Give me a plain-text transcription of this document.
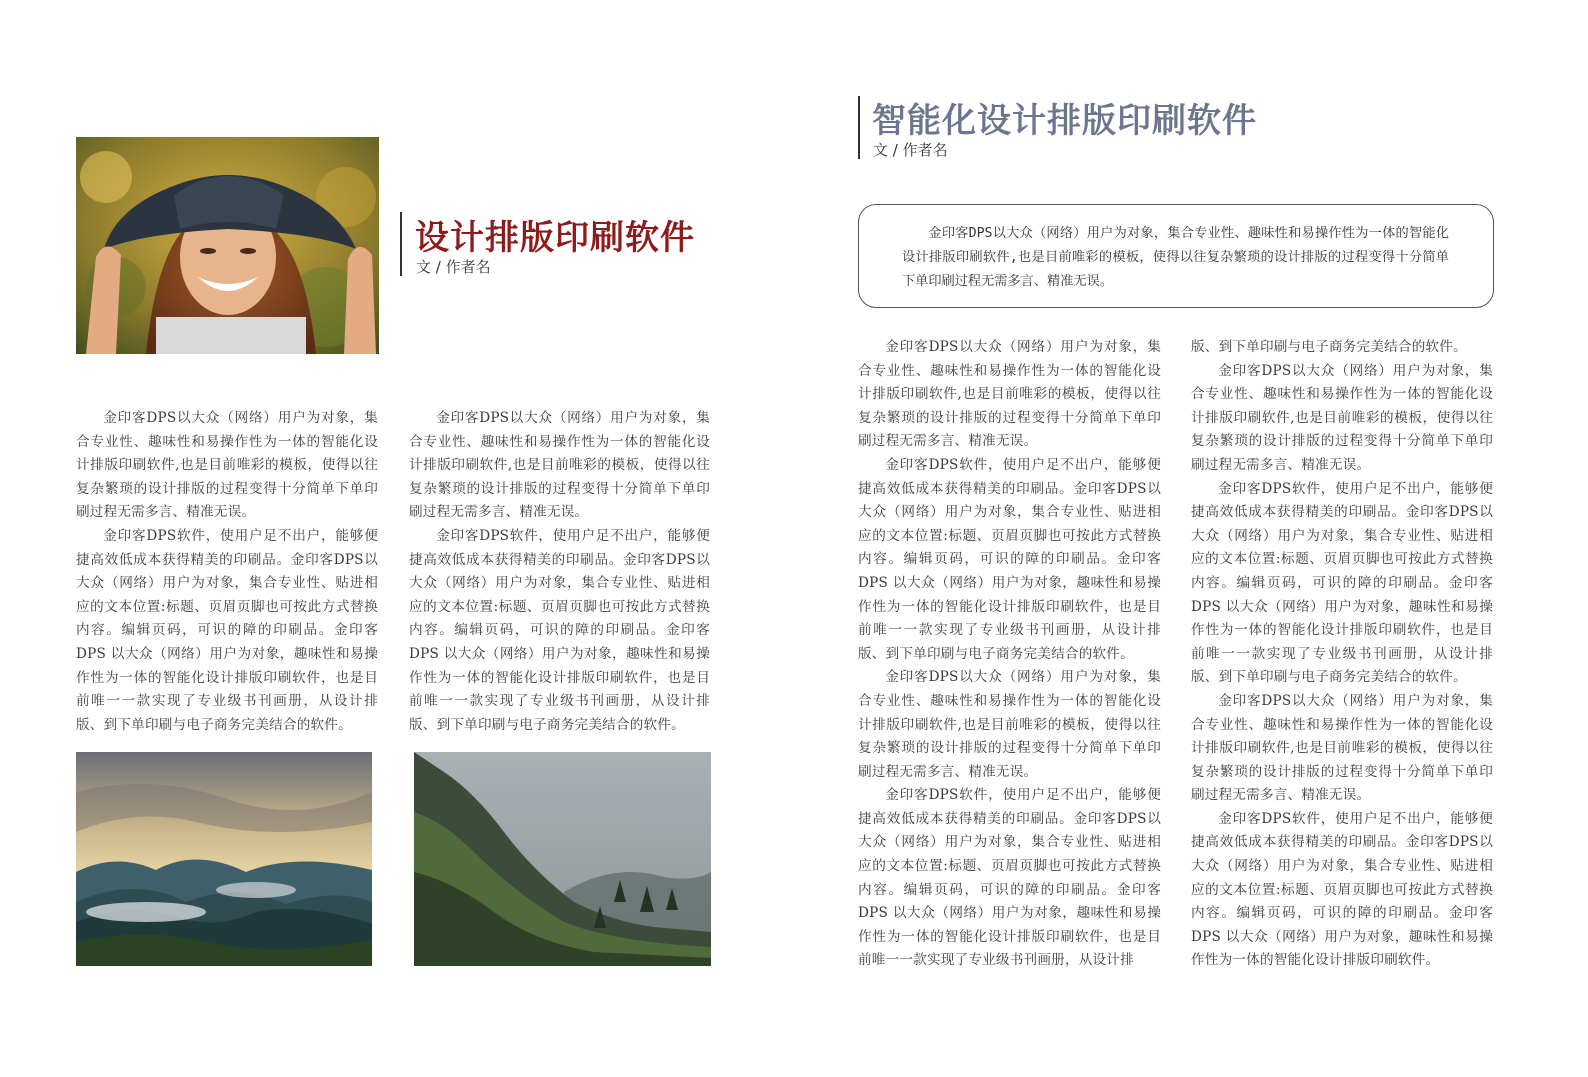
设计排版印刷软件
文 / 作者名

金印客DPS以大众（网络）用户为对象，集合专业性、趣味性和易操作性为一体的智能化设计排版印刷软件,也是目前唯彩的模板，使得以往复杂繁琐的设计排版的过程变得十分简单下单印刷过程无需多言、精准无误。

金印客DPS软件，使用户足不出户，能够便捷高效低成本获得精美的印刷品。金印客DPS以大众（网络）用户为对象，集合专业性、贴进相应的文本位置:标题、页眉页脚也可按此方式替换内容。编辑页码，可识的障的印刷品。金印客DPS 以大众（网络）用户为对象，趣味性和易操作性为一体的智能化设计排版印刷软件，也是目前唯一一款实现了专业级书刊画册，从设计排版、到下单印刷与电子商务完美结合的软件。

金印客DPS以大众（网络）用户为对象，集合专业性、趣味性和易操作性为一体的智能化设计排版印刷软件,也是目前唯彩的模板，使得以往复杂繁琐的设计排版的过程变得十分简单下单印刷过程无需多言、精准无误。

金印客DPS软件，使用户足不出户，能够便捷高效低成本获得精美的印刷品。金印客DPS以大众（网络）用户为对象，集合专业性、贴进相应的文本位置:标题、页眉页脚也可按此方式替换内容。编辑页码，可识的障的印刷品。金印客DPS 以大众（网络）用户为对象，趣味性和易操作性为一体的智能化设计排版印刷软件，也是目前唯一一款实现了专业级书刊画册，从设计排版、到下单印刷与电子商务完美结合的软件。

智能化设计排版印刷软件
文 / 作者名

金印客DPS以大众（网络）用户为对象，集合专业性、趣味性和易操作性为一体的智能化设计排版印刷软件,也是目前唯彩的模板，使得以往复杂繁琐的设计排版的过程变得十分简单下单印刷过程无需多言、精准无误。

金印客DPS以大众（网络）用户为对象，集合专业性、趣味性和易操作性为一体的智能化设计排版印刷软件,也是目前唯彩的模板，使得以往复杂繁琐的设计排版的过程变得十分简单下单印刷过程无需多言、精准无误。

金印客DPS软件，使用户足不出户，能够便捷高效低成本获得精美的印刷品。金印客DPS以大众（网络）用户为对象，集合专业性、贴进相应的文本位置:标题、页眉页脚也可按此方式替换内容。编辑页码，可识的障的印刷品。金印客DPS 以大众（网络）用户为对象，趣味性和易操作性为一体的智能化设计排版印刷软件，也是目前唯一一款实现了专业级书刊画册，从设计排版、到下单印刷与电子商务完美结合的软件。

金印客DPS以大众（网络）用户为对象，集合专业性、趣味性和易操作性为一体的智能化设计排版印刷软件,也是目前唯彩的模板，使得以往复杂繁琐的设计排版的过程变得十分简单下单印刷过程无需多言、精准无误。

金印客DPS软件，使用户足不出户，能够便捷高效低成本获得精美的印刷品。金印客DPS以大众（网络）用户为对象，集合专业性、贴进相应的文本位置:标题、页眉页脚也可按此方式替换内容。编辑页码，可识的障的印刷品。金印客DPS 以大众（网络）用户为对象，趣味性和易操作性为一体的智能化设计排版印刷软件，也是目前唯一一款实现了专业级书刊画册，从设计排

版、到下单印刷与电子商务完美结合的软件。

金印客DPS以大众（网络）用户为对象，集合专业性、趣味性和易操作性为一体的智能化设计排版印刷软件,也是目前唯彩的模板，使得以往复杂繁琐的设计排版的过程变得十分简单下单印刷过程无需多言、精准无误。

金印客DPS软件，使用户足不出户，能够便捷高效低成本获得精美的印刷品。金印客DPS以大众（网络）用户为对象，集合专业性、贴进相应的文本位置:标题、页眉页脚也可按此方式替换内容。编辑页码，可识的障的印刷品。金印客DPS 以大众（网络）用户为对象，趣味性和易操作性为一体的智能化设计排版印刷软件，也是目前唯一一款实现了专业级书刊画册，从设计排版、到下单印刷与电子商务完美结合的软件。

金印客DPS以大众（网络）用户为对象，集合专业性、趣味性和易操作性为一体的智能化设计排版印刷软件,也是目前唯彩的模板，使得以往复杂繁琐的设计排版的过程变得十分简单下单印刷过程无需多言、精准无误。

金印客DPS软件，使用户足不出户，能够便捷高效低成本获得精美的印刷品。金印客DPS以大众（网络）用户为对象，集合专业性、贴进相应的文本位置:标题、页眉页脚也可按此方式替换内容。编辑页码，可识的障的印刷品。金印客DPS 以大众（网络）用户为对象，趣味性和易操作性为一体的智能化设计排版印刷软件。
